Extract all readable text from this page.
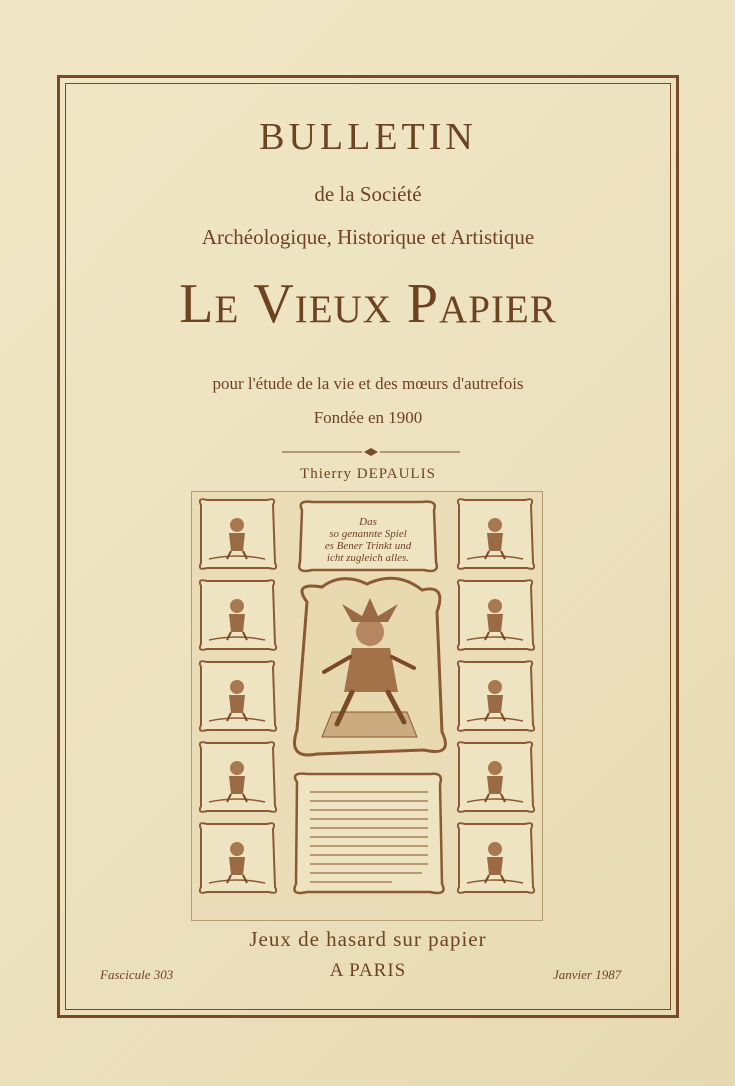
BULLETIN
de la Société
Archéologique, Historique et Artistique
Le Vieux Papier
pour l'étude de la vie et des mœurs d'autrefois
Fondée en 1900
Thierry DEPAULIS
Das
so genannte Spiel
es Bener Trinkt und
icht zugleich alles.
Jeux de hasard sur papier
A PARIS
Fascicule 303	Janvier 1987
